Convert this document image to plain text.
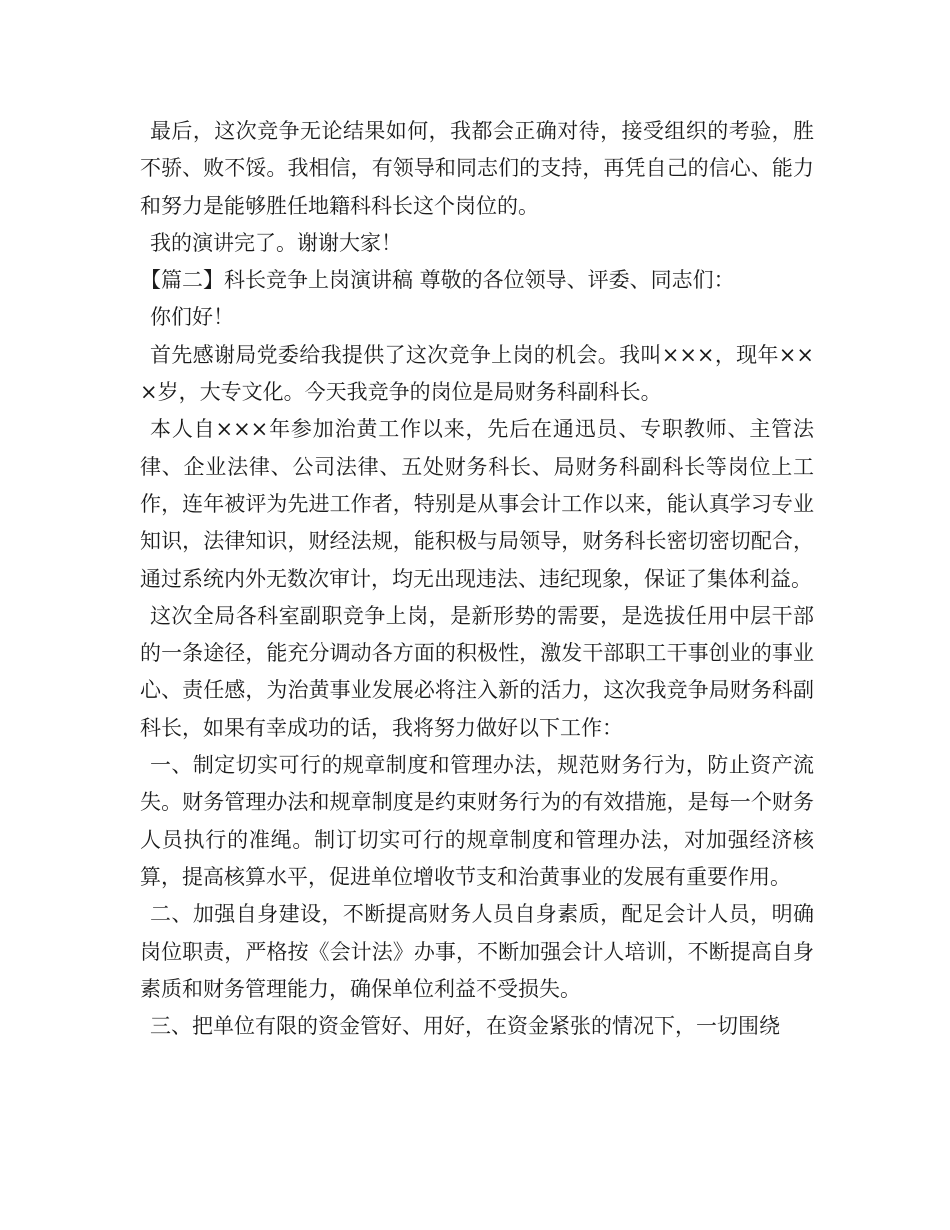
最后，这次竞争无论结果如何，我都会正确对待，接受组织的考验，胜不骄、败不馁。我相信，有领导和同志们的支持，再凭自己的信心、能力和努力是能够胜任地籍科科长这个岗位的。

我的演讲完了。谢谢大家！

【篇二】科长竞争上岗演讲稿 尊敬的各位领导、评委、同志们：

你们好！

首先感谢局党委给我提供了这次竞争上岗的机会。我叫×××，现年×××岁，大专文化。今天我竞争的岗位是局财务科副科长。

本人自×××年参加治黄工作以来，先后在通迅员、专职教师、主管法律、企业法律、公司法律、五处财务科长、局财务科副科长等岗位上工作，连年被评为先进工作者，特别是从事会计工作以来，能认真学习专业知识，法律知识，财经法规，能积极与局领导，财务科长密切密切配合，通过系统内外无数次审计，均无出现违法、违纪现象，保证了集体利益。

这次全局各科室副职竞争上岗，是新形势的需要，是选拔任用中层干部的一条途径，能充分调动各方面的积极性，激发干部职工干事创业的事业心、责任感，为治黄事业发展必将注入新的活力，这次我竞争局财务科副科长，如果有幸成功的话，我将努力做好以下工作：

一、制定切实可行的规章制度和管理办法，规范财务行为，防止资产流失。财务管理办法和规章制度是约束财务行为的有效措施，是每一个财务人员执行的准绳。制订切实可行的规章制度和管理办法，对加强经济核算，提高核算水平，促进单位增收节支和治黄事业的发展有重要作用。

二、加强自身建设，不断提高财务人员自身素质，配足会计人员，明确岗位职责，严格按《会计法》办事，不断加强会计人培训，不断提高自身素质和财务管理能力，确保单位利益不受损失。

三、把单位有限的资金管好、用好，在资金紧张的情况下，一切围绕
